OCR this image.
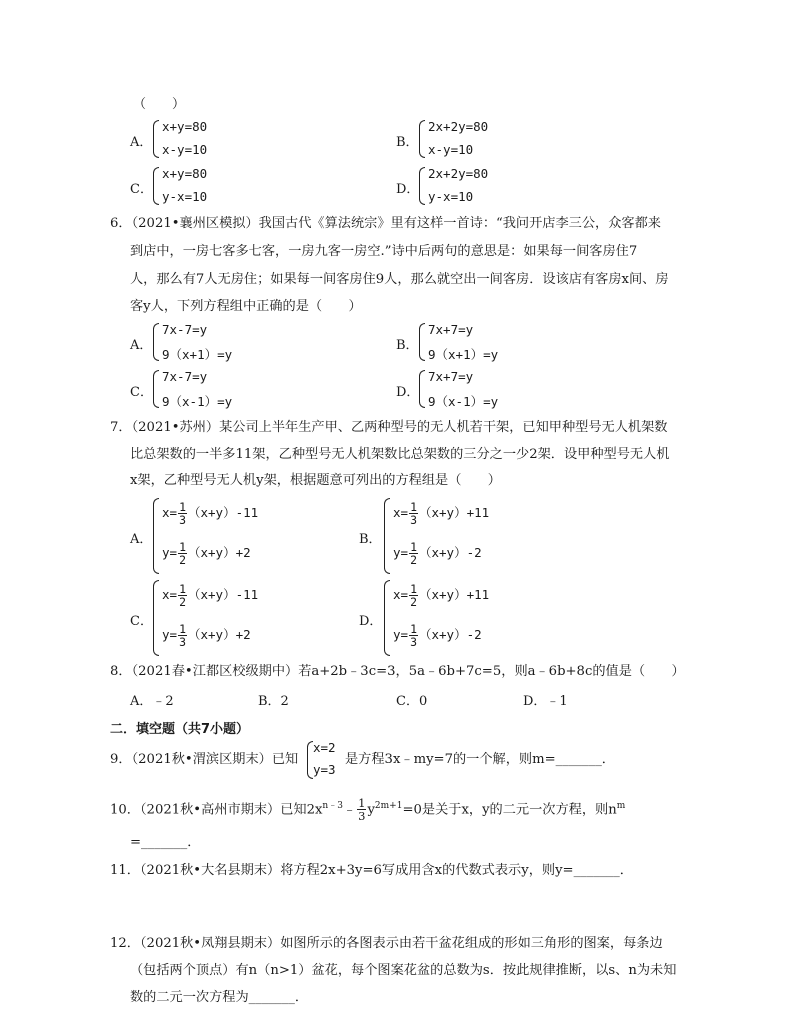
（　　）
A．
x+y=80
x-y=10	B．
2x+2y=80
x-y=10
C．
x+y=80
y-x=10	D．
2x+2y=80
y-x=10
6．（2021•襄州区模拟）我国古代《算法统宗》里有这样一首诗：“我问开店李三公，众客都来
到店中，一房七客多七客，一房九客一房空.”诗中后两句的意思是：如果每一间客房住7
人，那么有7人无房住；如果每一间客房住9人，那么就空出一间客房．设该店有客房x间、房
客y人，下列方程组中正确的是（　　）
A．
7x-7=y
9（x+1）=y
B．
7x+7=y
9（x+1）=y
C．
7x-7=y
9（x-1）=y
D．
7x+7=y
9（x-1）=y
7．（2021•苏州）某公司上半年生产甲、乙两种型号的无人机若干架，已知甲种型号无人机架数
比总架数的一半多11架，乙种型号无人机架数比总架数的三分之一少2架．设甲种型号无人机
x架，乙种型号无人机y架，根据题意可列出的方程组是（　　）
A．
$x= \frac{1}{3} (x+y)-11$
$y= \frac{1}{2} (x+y)+2$
B．
$x= \frac{1}{3} (x+y)+11$
$y= \frac{1}{2} (x+y)-2$
C．
$x= \frac{1}{2} (x+y)-11$
$y= \frac{1}{3} (x+y)+2$
D．
$x= \frac{1}{2} (x+y)+11$
$y= \frac{1}{3} (x+y)-2$
8．（2021春•江都区校级期中）若a+2b﹣3c=3，5a﹣6b+7c=5，则a﹣6b+8c的值是（　　）
A．﹣2	B．2	C．0	D．﹣1
二．填空题（共7小题）
9．（2021秋•渭滨区期末）已知
x=2
y=3
是方程3x﹣my=7的一个解，则m=_______．
10．（2021秋•高州市期末）已知$2x^{n﹣3}﹣ \frac{1}{3} y^{2m+1}=0$是关于x，y的二元一次方程，则$n^m$
=_______．
11．（2021秋•大名县期末）将方程2x+3y=6写成用含x的代数式表示y，则y=_______．
12．（2021秋•凤翔县期末）如图所示的各图表示由若干盆花组成的形如三角形的图案，每条边
（包括两个顶点）有n（n>1）盆花，每个图案花盆的总数为s．按此规律推断，以s、n为未知
数的二元一次方程为_______．
